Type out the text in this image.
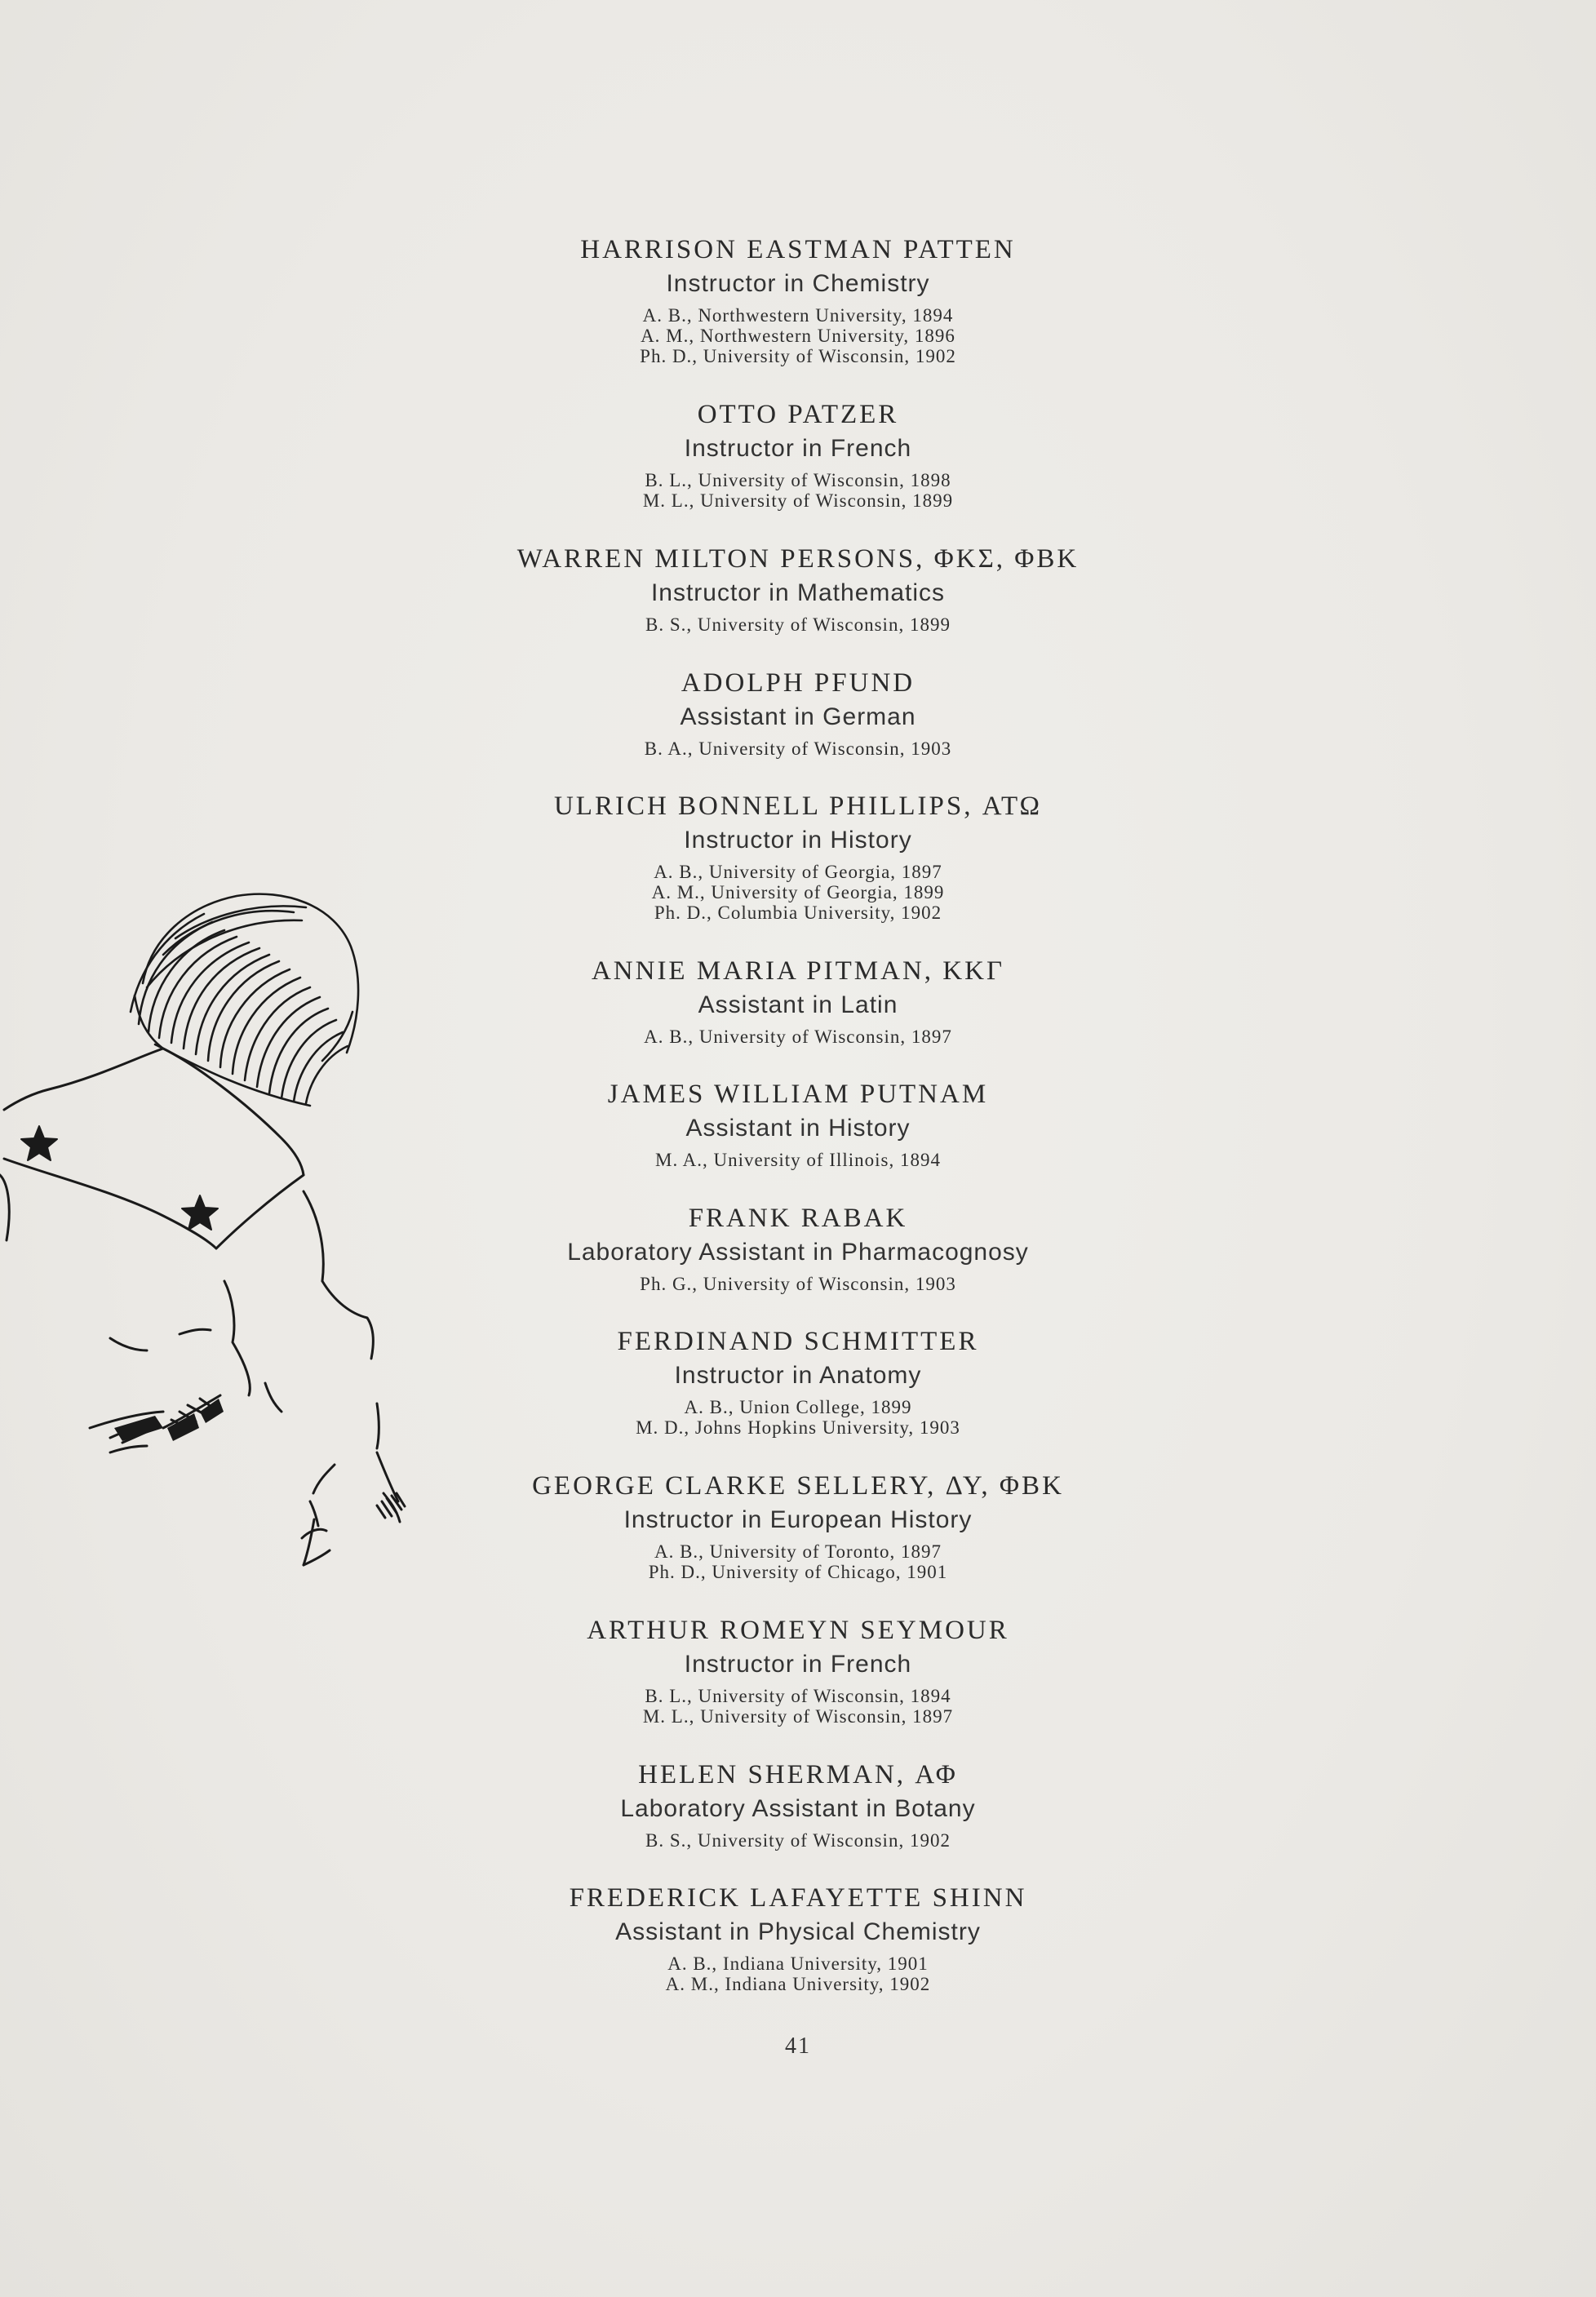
HARRISON EASTMAN PATTEN
Instructor in Chemistry
A. B., Northwestern University, 1894
A. M., Northwestern University, 1896
Ph. D., University of Wisconsin, 1902
OTTO PATZER
Instructor in French
B. L., University of Wisconsin, 1898
M. L., University of Wisconsin, 1899
WARREN MILTON PERSONS, ΦΚΣ, ΦΒΚ
Instructor in Mathematics
B. S., University of Wisconsin, 1899
ADOLPH PFUND
Assistant in German
B. A., University of Wisconsin, 1903
ULRICH BONNELL PHILLIPS, ΑΤΩ
Instructor in History
A. B., University of Georgia, 1897
A. M., University of Georgia, 1899
Ph. D., Columbia University, 1902
ANNIE MARIA PITMAN, ΚΚΓ
Assistant in Latin
A. B., University of Wisconsin, 1897
JAMES WILLIAM PUTNAM
Assistant in History
M. A., University of Illinois, 1894
FRANK RABAK
Laboratory Assistant in Pharmacognosy
Ph. G., University of Wisconsin, 1903
FERDINAND SCHMITTER
Instructor in Anatomy
A. B., Union College, 1899
M. D., Johns Hopkins University, 1903
GEORGE CLARKE SELLERY, ΔΥ, ΦΒΚ
Instructor in European History
A. B., University of Toronto, 1897
Ph. D., University of Chicago, 1901
ARTHUR ROMEYN SEYMOUR
Instructor in French
B. L., University of Wisconsin, 1894
M. L., University of Wisconsin, 1897
HELEN SHERMAN, ΑΦ
Laboratory Assistant in Botany
B. S., University of Wisconsin, 1902
FREDERICK LAFAYETTE SHINN
Assistant in Physical Chemistry
A. B., Indiana University, 1901
A. M., Indiana University, 1902
41
